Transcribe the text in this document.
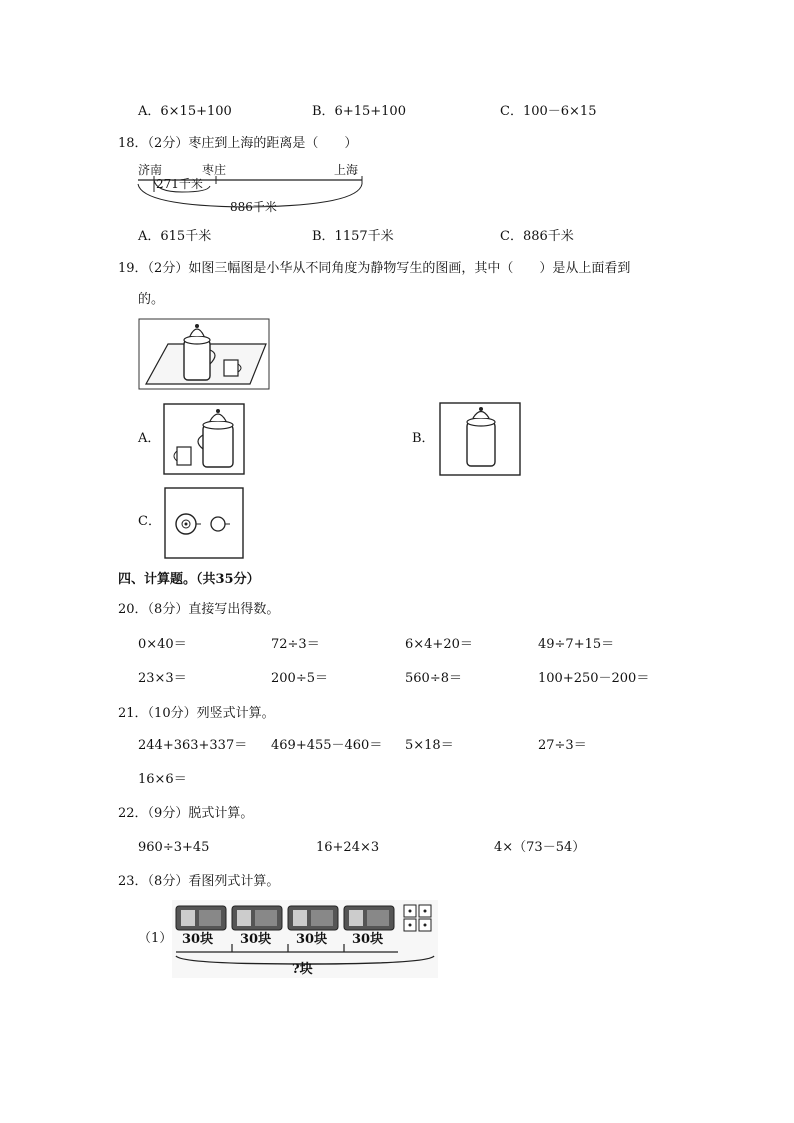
A．6×15+100	B．6+15+100	C．100－6×15
18．（2分）枣庄到上海的距离是（　　）
济南	枣庄	上海
271千米
886千米
A．615千米	B．1157千米	C．886千米
19．（2分）如图三幅图是小华从不同角度为静物写生的图画，其中（　　）是从上面看到
的。
A．	B．
C．
四、计算题。（共35分）
20．（8分）直接写出得数。
0×40＝	72÷3＝	6×4+20＝	49÷7+15＝
23×3＝	200÷5＝	560÷8＝	100+250－200＝
21．（10分）列竖式计算。
244+363+337＝ 469+455－460＝ 5×18＝	27÷3＝
16×6＝
22．（9分）脱式计算。
960÷3+45	16+24×3	4×（73－54）
23．（8分）看图列式计算。
（1） 30块 30块 30块 30块
?块
